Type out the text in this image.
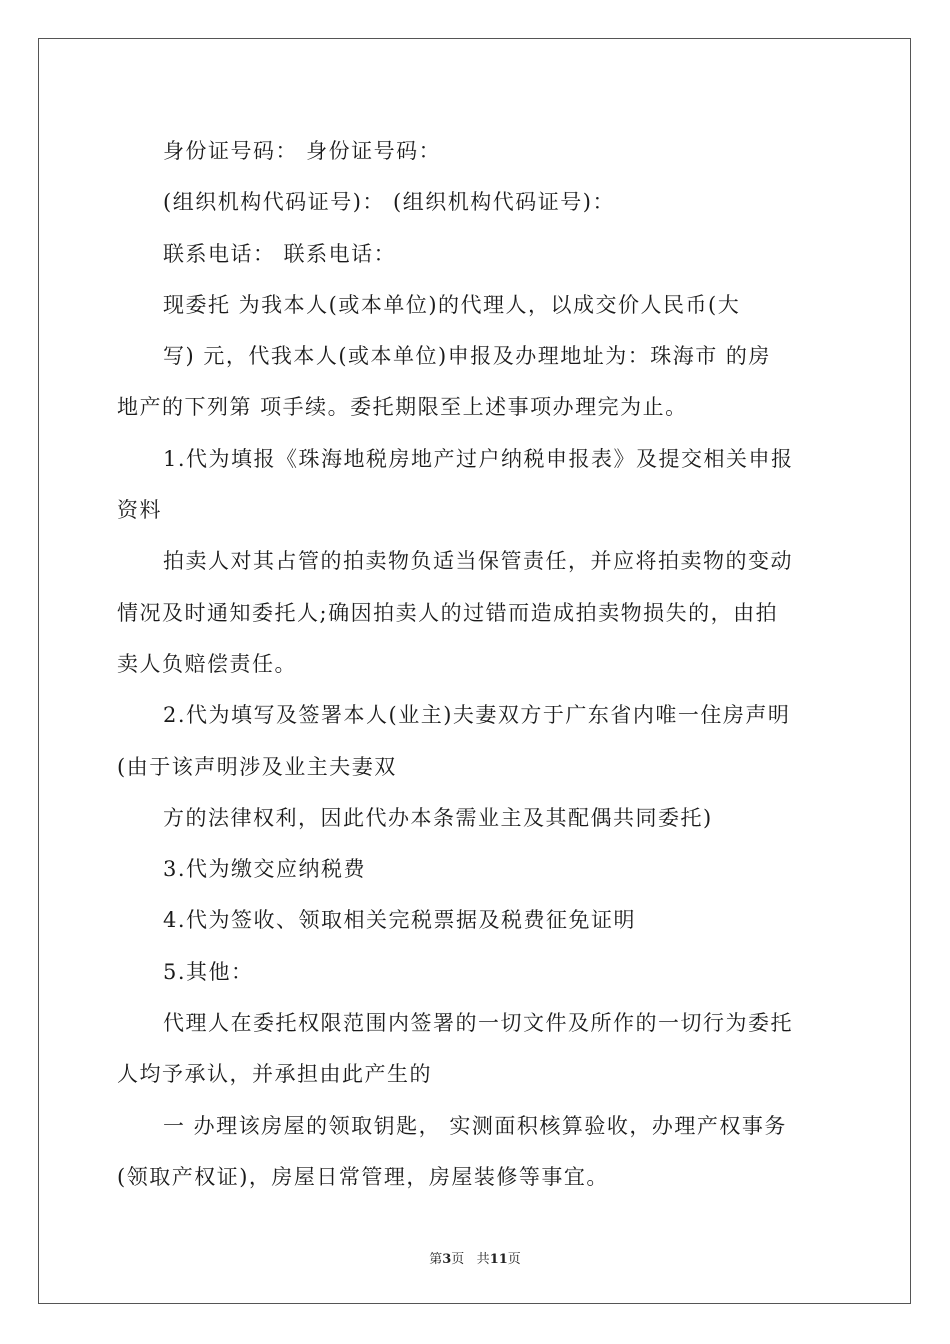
身份证号码： 身份证号码：
(组织机构代码证号)： (组织机构代码证号)：
联系电话： 联系电话：
现委托 为我本人(或本单位)的代理人，以成交价人民币(大
写) 元，代我本人(或本单位)申报及办理地址为：珠海市 的房
地产的下列第 项手续。委托期限至上述事项办理完为止。
1.代为填报《珠海地税房地产过户纳税申报表》及提交相关申报
资料
拍卖人对其占管的拍卖物负适当保管责任，并应将拍卖物的变动
情况及时通知委托人;确因拍卖人的过错而造成拍卖物损失的，由拍
卖人负赔偿责任。
2.代为填写及签署本人(业主)夫妻双方于广东省内唯一住房声明
(由于该声明涉及业主夫妻双
方的法律权利，因此代办本条需业主及其配偶共同委托)
3.代为缴交应纳税费
4.代为签收、领取相关完税票据及税费征免证明
5.其他：
代理人在委托权限范围内签署的一切文件及所作的一切行为委托
人均予承认，并承担由此产生的
一 办理该房屋的领取钥匙， 实测面积核算验收，办理产权事务
(领取产权证)，房屋日常管理，房屋装修等事宜。
第3页 共11页
